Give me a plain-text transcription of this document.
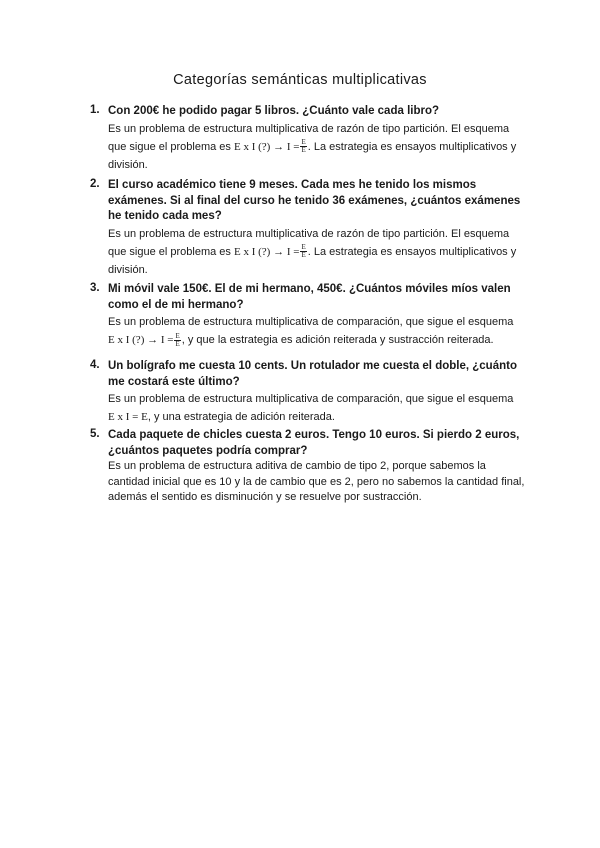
Categorías semánticas multiplicativas
1. Con 200€ he podido pagar 5 libros. ¿Cuánto vale cada libro?
Es un problema de estructura multiplicativa de razón de tipo partición. El esquema que sigue el problema es E x I (?) → $I = \frac{E}{E}$ . La estrategia es ensayos multiplicativos y división.
2. El curso académico tiene 9 meses. Cada mes he tenido los mismos exámenes. Si al final del curso he tenido 36 exámenes, ¿cuántos exámenes he tenido cada mes?
Es un problema de estructura multiplicativa de razón de tipo partición. El esquema que sigue el problema es E x I (?) → $I = \frac{E}{E}$ . La estrategia es ensayos multiplicativos y división.
3. Mi móvil vale 150€. El de mi hermano, 450€. ¿Cuántos móviles míos valen como el de mi hermano?
Es un problema de estructura multiplicativa de comparación, que sigue el esquema E x I (?) → $I = \frac{E}{E}$ , y que la estrategia es adición reiterada y sustracción reiterada.
4. Un bolígrafo me cuesta 10 cents. Un rotulador me cuesta el doble, ¿cuánto me costará este último?
Es un problema de estructura multiplicativa de comparación, que sigue el esquema E x I = E, y una estrategia de adición reiterada.
5. Cada paquete de chicles cuesta 2 euros. Tengo 10 euros. Si pierdo 2 euros, ¿cuántos paquetes podría comprar?
Es un problema de estructura aditiva de cambio de tipo 2, porque sabemos la cantidad inicial que es 10 y la de cambio que es 2, pero no sabemos la cantidad final, además el sentido es disminución y se resuelve por sustracción.
